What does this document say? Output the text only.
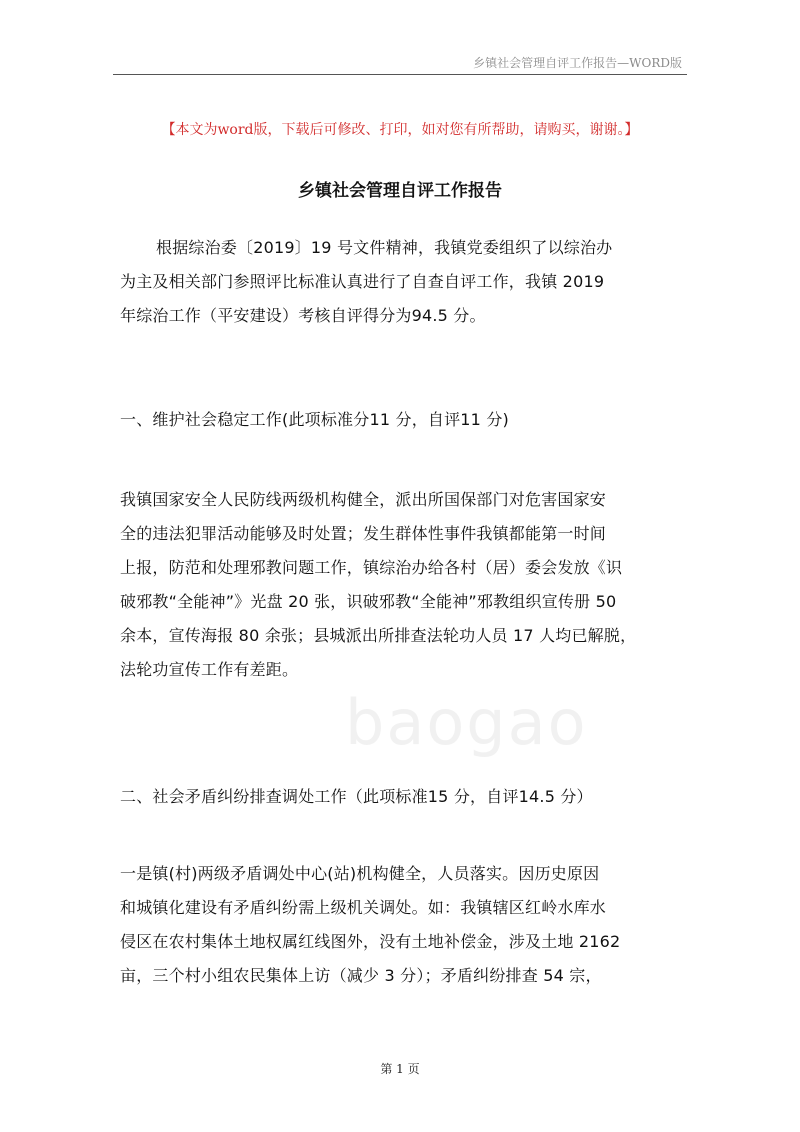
乡镇社会管理自评工作报告—WORD版
【本文为word版，下载后可修改、打印，如对您有所帮助，请购买，谢谢。】
乡镇社会管理自评工作报告
根据综治委〔2019〕19 号文件精神，我镇党委组织了以综治办
为主及相关部门参照评比标准认真进行了自查自评工作，我镇 2019
年综治工作（平安建设）考核自评得分为94.5 分。
一、维护社会稳定工作(此项标准分11 分，自评11 分)
我镇国家安全人民防线两级机构健全，派出所国保部门对危害国家安
全的违法犯罪活动能够及时处置；发生群体性事件我镇都能第一时间
上报，防范和处理邪教问题工作，镇综治办给各村（居）委会发放《识
破邪教“全能神”》光盘 20 张，识破邪教“全能神”邪教组织宣传册 50
余本，宣传海报 80 余张；县城派出所排查法轮功人员 17 人均已解脱，
法轮功宣传工作有差距。
二、社会矛盾纠纷排查调处工作（此项标准15 分，自评14.5 分）
一是镇(村)两级矛盾调处中心(站)机构健全，人员落实。因历史原因
和城镇化建设有矛盾纠纷需上级机关调处。如：我镇辖区红岭水库水
侵区在农村集体土地权属红线图外，没有土地补偿金，涉及土地 2162
亩，三个村小组农民集体上访（减少 3 分）；矛盾纠纷排查 54 宗，
baogao
第 1 页
